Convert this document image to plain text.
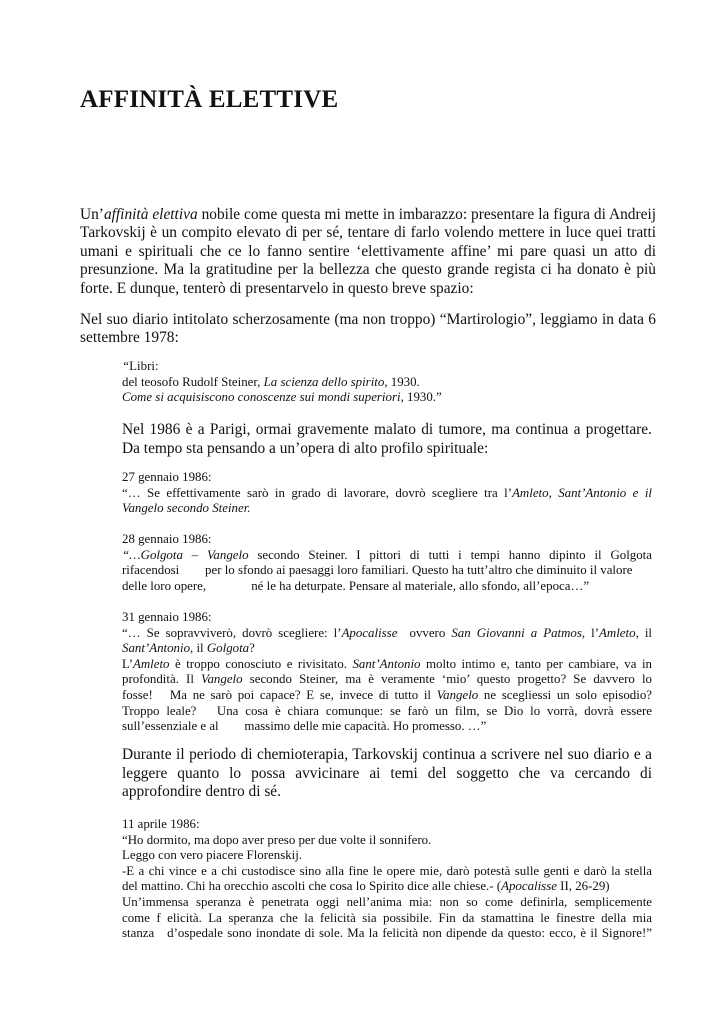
AFFINITÀ ELETTIVE

Un’affinità elettiva nobile come questa mi mette in imbarazzo: presentare la figura di Andreij Tarkovskij è un compito elevato di per sé, tentare di farlo volendo mettere in luce quei tratti umani e spirituali che ce lo fanno sentire ‘elettivamente affine’ mi pare quasi un atto di presunzione. Ma la gratitudine per la bellezza che questo grande regista ci ha donato è più forte. E dunque, tenterò di presentarvelo in questo breve spazio:

Nel suo diario intitolato scherzosamente (ma non troppo) “Martirologio”, leggiamo in data 6 settembre 1978:

“Libri:
del teosofo Rudolf Steiner, La scienza dello spirito, 1930.
Come si acquisiscono conoscenze sui mondi superiori, 1930.”

Nel 1986 è a Parigi, ormai gravemente malato di tumore, ma continua a progettare. Da tempo sta pensando a un’opera di alto profilo spirituale:

27 gennaio 1986:
“… Se effettivamente sarò in grado di lavorare, dovrò scegliere tra l’Amleto, Sant’Antonio e il
Vangelo secondo Steiner.
28 gennaio 1986:
“…Golgota – Vangelo secondo Steiner. I pittori di tutti i tempi hanno dipinto il Golgota
rifacendosi        per lo sfondo ai paesaggi loro familiari. Questo ha tutt’altro che diminuito il valore
delle loro opere,              né le ha deturpate. Pensare al materiale, allo sfondo, all’epoca…”
31 gennaio 1986:
“… Se sopravviverò, dovrò scegliere: l’Apocalisse  ovvero San Giovanni a Patmos, l’Amleto, il
Sant’Antonio, il Golgota?
L’Amleto è troppo conosciuto e rivisitato. Sant’Antonio molto intimo e, tanto per cambiare, va in
profondità. Il Vangelo secondo Steiner, ma è veramente ‘mio’ questo progetto? Se davvero lo
fosse!   Ma ne sarò poi capace? E se, invece di tutto il Vangelo ne scegliessi un solo episodio?
Troppo leale?   Una cosa è chiara comunque: se farò un film, se Dio lo vorrà, dovrà essere
sull’essenziale e al        massimo delle mie capacità. Ho promesso. …”

Durante il periodo di chemioterapia, Tarkovskij continua a scrivere nel suo diario e a leggere quanto lo possa avvicinare ai temi del soggetto che va cercando di approfondire dentro di sé.

11 aprile 1986:
“Ho dormito, ma dopo aver preso per due volte il sonnifero.
Leggo con vero piacere Florenskij.
-E a chi vince e a chi custodisce sino alla fine le opere mie, darò potestà sulle genti e darò la stella
del mattino. Chi ha orecchio ascolti che cosa lo Spirito dice alle chiese.- (Apocalisse II, 26-29)
Un’immensa speranza è penetrata oggi nell’anima mia: non so come definirla, semplicemente
come f elicità. La speranza che la felicità sia possibile. Fin da stamattina le finestre della mia
stanza   d’ospedale sono inondate di sole. Ma la felicità non dipende da questo: ecco, è il Signore!”
